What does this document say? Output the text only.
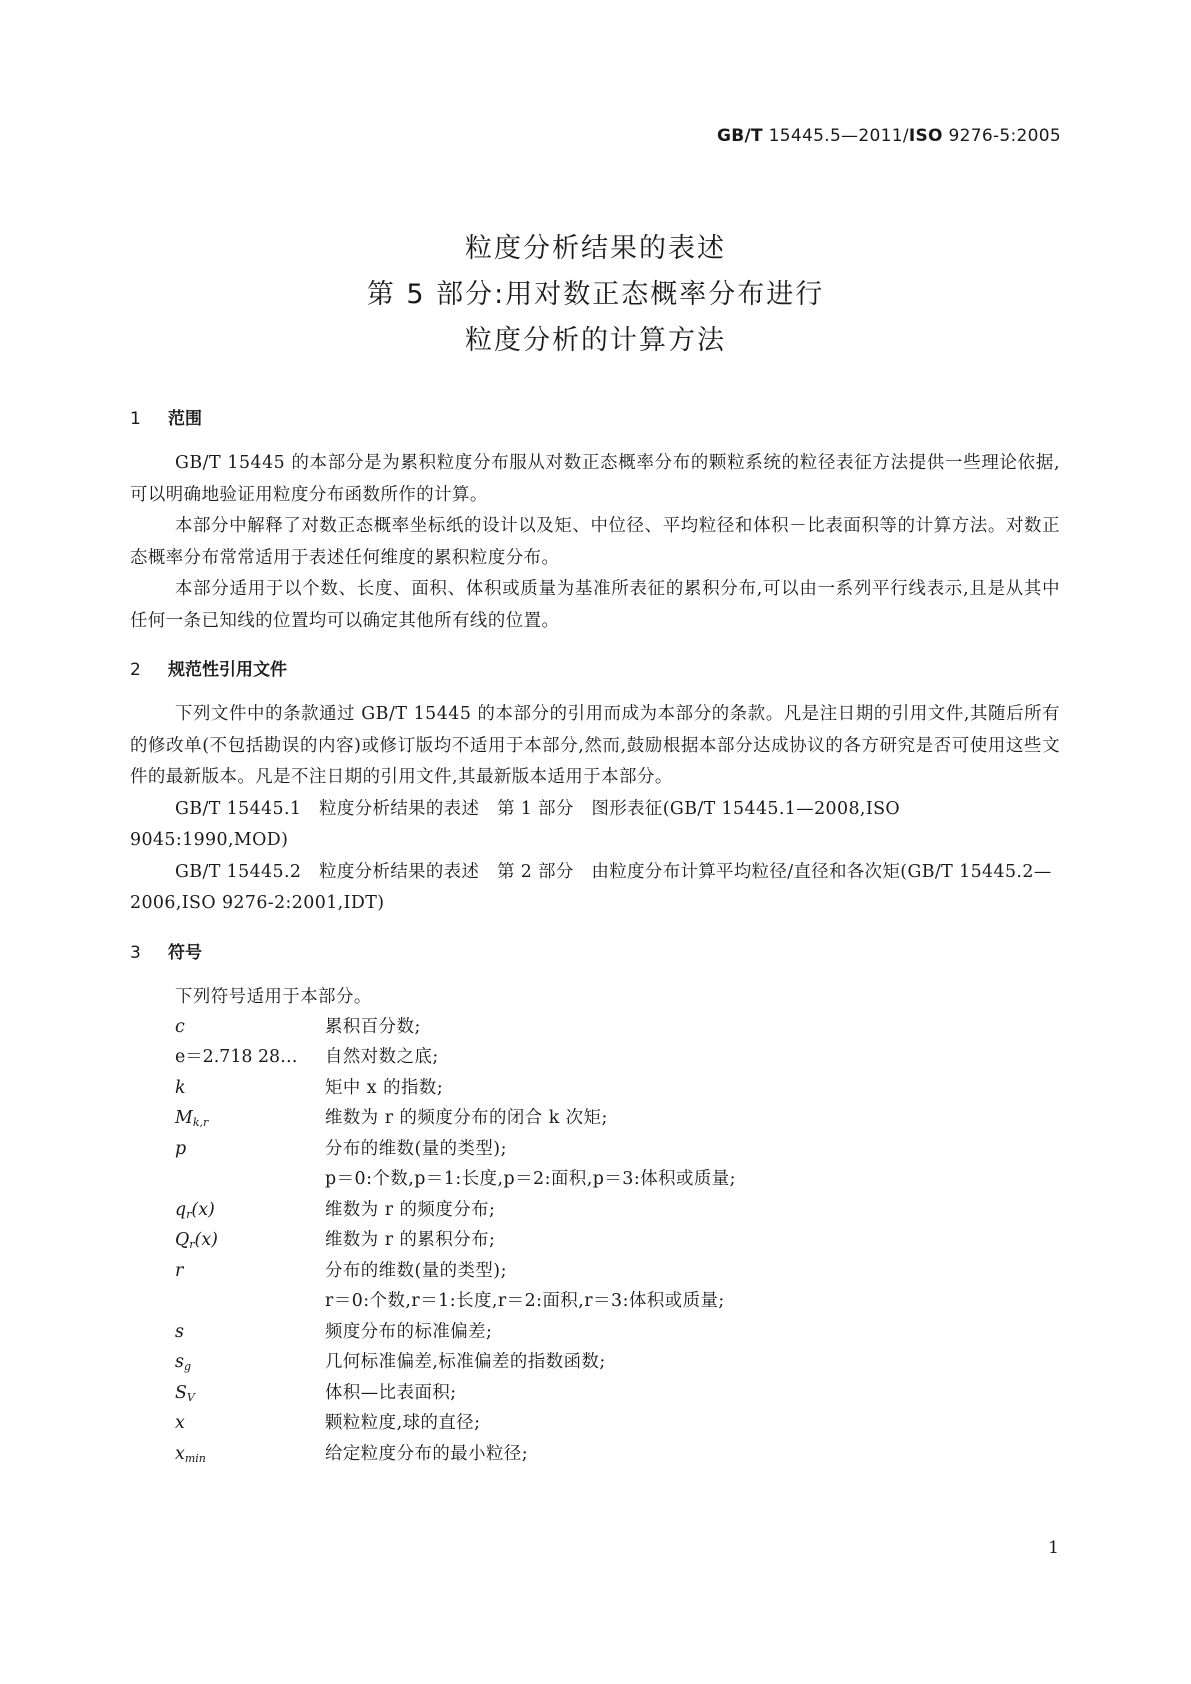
GB/T 15445.5—2011/ISO 9276-5:2005
粒度分析结果的表述
第 5 部分:用对数正态概率分布进行
粒度分析的计算方法
1 范围
GB/T 15445 的本部分是为累积粒度分布服从对数正态概率分布的颗粒系统的粒径表征方法提供一些理论依据,可以明确地验证用粒度分布函数所作的计算。
本部分中解释了对数正态概率坐标纸的设计以及矩、中位径、平均粒径和体积－比表面积等的计算方法。对数正态概率分布常常适用于表述任何维度的累积粒度分布。
本部分适用于以个数、长度、面积、体积或质量为基准所表征的累积分布,可以由一系列平行线表示,且是从其中任何一条已知线的位置均可以确定其他所有线的位置。
2 规范性引用文件
下列文件中的条款通过 GB/T 15445 的本部分的引用而成为本部分的条款。凡是注日期的引用文件,其随后所有的修改单(不包括勘误的内容)或修订版均不适用于本部分,然而,鼓励根据本部分达成协议的各方研究是否可使用这些文件的最新版本。凡是不注日期的引用文件,其最新版本适用于本部分。
GB/T 15445.1　粒度分析结果的表述　第 1 部分　图形表征(GB/T 15445.1—2008,ISO 9045:1990,MOD)
GB/T 15445.2　粒度分析结果的表述　第 2 部分　由粒度分布计算平均粒径/直径和各次矩(GB/T 15445.2—2006,ISO 9276-2:2001,IDT)
3 符号
下列符号适用于本部分。
c	累积百分数;
e＝2.718 28…	自然对数之底;
k	矩中 x 的指数;
$M_{k,r}$	维数为 r 的频度分布的闭合 k 次矩;
p	分布的维数(量的类型);
p＝0:个数,p＝1:长度,p＝2:面积,p＝3:体积或质量;
$q_r(x)$	维数为 r 的频度分布;
$Q_r(x)$	维数为 r 的累积分布;
r	分布的维数(量的类型);
r＝0:个数,r＝1:长度,r＝2:面积,r＝3:体积或质量;
s	频度分布的标准偏差;
$s_g$	几何标准偏差,标准偏差的指数函数;
$S_V$	体积—比表面积;
x	颗粒粒度,球的直径;
$x_{min}$	给定粒度分布的最小粒径;
1
